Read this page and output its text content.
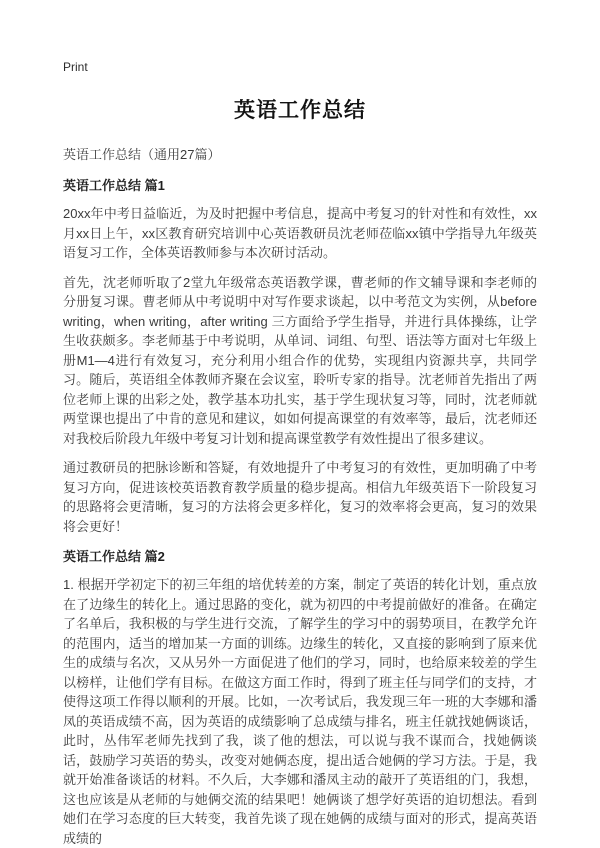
Print
英语工作总结
英语工作总结（通用27篇）
英语工作总结 篇1

20xx年中考日益临近，为及时把握中考信息，提高中考复习的针对性和有效性，xx月xx日上午，xx区教育研究培训中心英语教研员沈老师莅临xx镇中学指导九年级英语复习工作，全体英语教师参与本次研讨活动。

首先，沈老师听取了2堂九年级常态英语教学课，曹老师的作文辅导课和李老师的分册复习课。曹老师从中考说明中对写作要求谈起，以中考范文为实例，从before writing，when writing，after writing 三方面给予学生指导，并进行具体操练，让学生收获颇多。李老师基于中考说明，从单词、词组、句型、语法等方面对七年级上册M1—4进行有效复习，充分利用小组合作的优势，实现组内资源共享，共同学习。随后，英语组全体教师齐聚在会议室，聆听专家的指导。沈老师首先指出了两位老师上课的出彩之处，教学基本功扎实，基于学生现状复习等，同时，沈老师就两堂课也提出了中肯的意见和建议，如如何提高课堂的有效率等，最后，沈老师还对我校后阶段九年级中考复习计划和提高课堂教学有效性提出了很多建议。

通过教研员的把脉诊断和答疑，有效地提升了中考复习的有效性，更加明确了中考复习方向，促进该校英语教育教学质量的稳步提高。相信九年级英语下一阶段复习的思路将会更清晰，复习的方法将会更多样化，复习的效率将会更高，复习的效果将会更好！

英语工作总结 篇2

1. 根据开学初定下的初三年组的培优转差的方案，制定了英语的转化计划，重点放在了边缘生的转化上。通过思路的变化，就为初四的中考提前做好的准备。在确定了名单后，我积极的与学生进行交流，了解学生的学习中的弱势项目，在教学允许的范围内，适当的增加某一方面的训练。边缘生的转化，又直接的影响到了原来优生的成绩与名次，又从另外一方面促进了他们的学习，同时，也给原来较差的学生以榜样，让他们学有目标。在做这方面工作时，得到了班主任与同学们的支持，才使得这项工作得以顺利的开展。比如，一次考试后，我发现三年一班的大李娜和潘凤的英语成绩不高，因为英语的成绩影响了总成绩与排名，班主任就找她俩谈话，此时，丛伟军老师先找到了我，谈了他的想法，可以说与我不谋而合，找她俩谈话，鼓励学习英语的势头，改变对她俩态度，提出适合她俩的学习方法。于是，我就开始准备谈话的材料。不久后，大李娜和潘凤主动的敲开了英语组的门，我想，这也应该是从老师的与她俩交流的结果吧！她俩谈了想学好英语的迫切想法。看到她们在学习态度的巨大转变，我首先谈了现在她俩的成绩与面对的形式，提高英语成绩的
